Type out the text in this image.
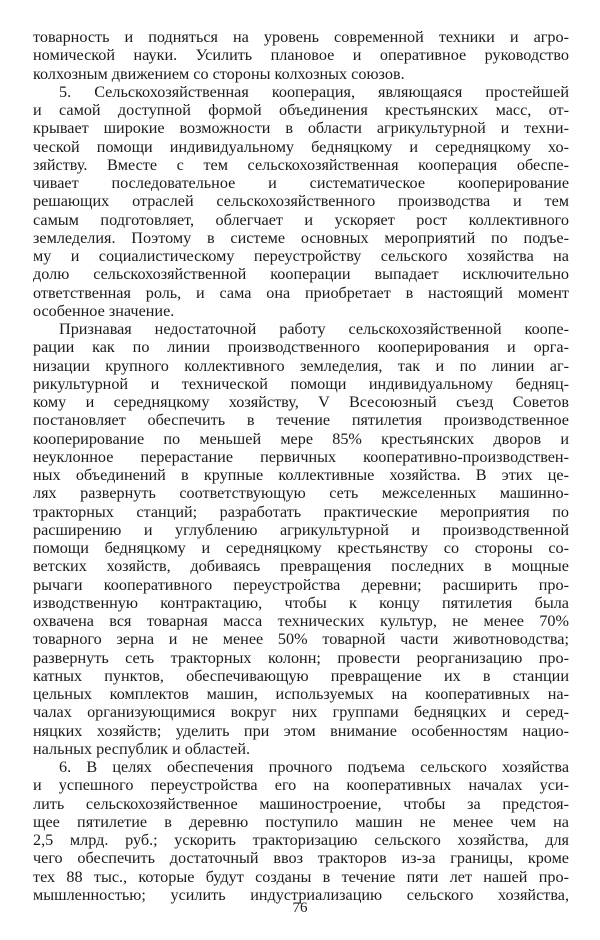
товарность и подняться на уровень современной техники и агро-
номической науки. Усилить плановое и оперативное руководство
колхозным движением со стороны колхозных союзов.
5. Сельскохозяйственная кооперация, являющаяся простейшей
и самой доступной формой объединения крестьянских масс, от-
крывает широкие возможности в области агрикультурной и техни-
ческой помощи индивидуальному бедняцкому и середняцкому хо-
зяйству. Вместе с тем сельскохозяйственная кооперация обеспе-
чивает последовательное и систематическое кооперирование
решающих отраслей сельскохозяйственного производства и тем
самым подготовляет, облегчает и ускоряет рост коллективного
земледелия. Поэтому в системе основных мероприятий по подъе-
му и социалистическому переустройству сельского хозяйства на
долю сельскохозяйственной кооперации выпадает исключительно
ответственная роль, и сама она приобретает в настоящий момент
особенное значение.
Признавая недостаточной работу сельскохозяйственной коопе-
рации как по линии производственного кооперирования и орга-
низации крупного коллективного земледелия, так и по линии аг-
рикультурной и технической помощи индивидуальному бедняц-
кому и середняцкому хозяйству, V Всесоюзный съезд Советов
постановляет обеспечить в течение пятилетия производственное
кооперирование по меньшей мере 85% крестьянских дворов и
неуклонное перерастание первичных кооперативно-производствен-
ных объединений в крупные коллективные хозяйства. В этих це-
лях развернуть соответствующую сеть межселенных машинно-
тракторных станций; разработать практические мероприятия по
расширению и углублению агрикультурной и производственной
помощи бедняцкому и середняцкому крестьянству со стороны со-
ветских хозяйств, добиваясь превращения последних в мощные
рычаги кооперативного переустройства деревни; расширить про-
изводственную контрактацию, чтобы к концу пятилетия была
охвачена вся товарная масса технических культур, не менее 70%
товарного зерна и не менее 50% товарной части животноводства;
развернуть сеть тракторных колонн; провести реорганизацию про-
катных пунктов, обеспечивающую превращение их в станции
цельных комплектов машин, используемых на кооперативных на-
чалах организующимися вокруг них группами бедняцких и серед-
няцких хозяйств; уделить при этом внимание особенностям нацио-
нальных республик и областей.
6. В целях обеспечения прочного подъема сельского хозяйства
и успешного переустройства его на кооперативных началах уси-
лить сельскохозяйственное машиностроение, чтобы за предстоя-
щее пятилетие в деревню поступило машин не менее чем на
2,5 млрд. руб.; ускорить тракторизацию сельского хозяйства, для
чего обеспечить достаточный ввоз тракторов из-за границы, кроме
тех 88 тыс., которые будут созданы в течение пяти лет нашей про-
мышленностью; усилить индустриализацию сельского хозяйства,
76
